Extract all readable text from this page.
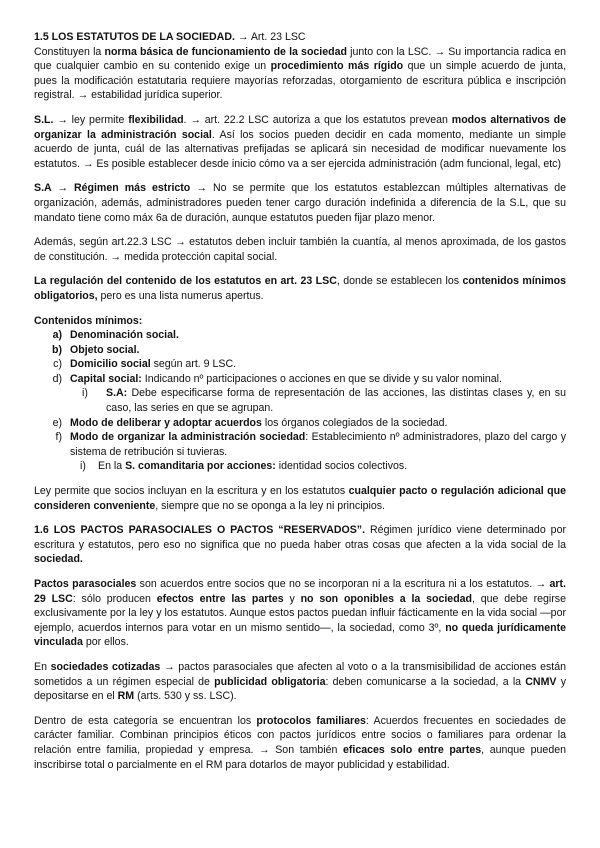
1.5 LOS ESTATUTOS DE LA SOCIEDAD. → Art. 23 LSC
Constituyen la norma básica de funcionamiento de la sociedad junto con la LSC. → Su importancia radica en que cualquier cambio en su contenido exige un procedimiento más rígido que un simple acuerdo de junta, pues la modificación estatutaria requiere mayorías reforzadas, otorgamiento de escritura pública e inscripción registral. → estabilidad jurídica superior.

S.L. → ley permite flexibilidad. → art. 22.2 LSC autoriza a que los estatutos prevean modos alternativos de organizar la administración social. Así los socios pueden decidir en cada momento, mediante un simple acuerdo de junta, cuál de las alternativas prefijadas se aplicará sin necesidad de modificar nuevamente los estatutos. → Es posible establecer desde inicio cómo va a ser ejercida administración (adm funcional, legal, etc)

S.A → Régimen más estricto → No se permite que los estatutos establezcan múltiples alternativas de organización, además, administradores pueden tener cargo duración indefinida a diferencia de la S.L, que su mandato tiene como máx 6a de duración, aunque estatutos pueden fijar plazo menor.

Además, según art.22.3 LSC → estatutos deben incluir también la cuantía, al menos aproximada, de los gastos de constitución. → medida protección capital social.

La regulación del contenido de los estatutos en art. 23 LSC, donde se establecen los contenidos mínimos obligatorios, pero es una lista numerus apertus.

Contenidos mínimos:
a) Denominación social.
b) Objeto social.
c) Domicilio social según art. 9 LSC.
d) Capital social: Indicando nº participaciones o acciones en que se divide y su valor nominal.
i)	S.A: Debe especificarse forma de representación de las acciones, las distintas clases y, en su caso, las series en que se agrupan.
e) Modo de deliberar y adoptar acuerdos los órganos colegiados de la sociedad.
f) Modo de organizar la administración sociedad: Establecimiento nº administradores, plazo del cargo y sistema de retribución si tuvieras.
i)	En la S. comanditaria por acciones: identidad socios colectivos.

Ley permite que socios incluyan en la escritura y en los estatutos cualquier pacto o regulación adicional que consideren conveniente, siempre que no se oponga a la ley ni principios.

1.6 LOS PACTOS PARASOCIALES O PACTOS “RESERVADOS”. Régimen jurídico viene determinado por escritura y estatutos, pero eso no significa que no pueda haber otras cosas que afecten a la vida social de la sociedad.

Pactos parasociales son acuerdos entre socios que no se incorporan ni a la escritura ni a los estatutos. → art. 29 LSC: sólo producen efectos entre las partes y no son oponibles a la sociedad, que debe regirse exclusivamente por la ley y los estatutos. Aunque estos pactos puedan influir fácticamente en la vida social —por ejemplo, acuerdos internos para votar en un mismo sentido—, la sociedad, como 3º, no queda jurídicamente vinculada por ellos.

En sociedades cotizadas → pactos parasociales que afecten al voto o a la transmisibilidad de acciones están sometidos a un régimen especial de publicidad obligatoria: deben comunicarse a la sociedad, a la CNMV y depositarse en el RM (arts. 530 y ss. LSC).

Dentro de esta categoría se encuentran los protocolos familiares: Acuerdos frecuentes en sociedades de carácter familiar. Combinan principios éticos con pactos jurídicos entre socios o familiares para ordenar la relación entre familia, propiedad y empresa. → Son también eficaces solo entre partes, aunque pueden inscribirse total o parcialmente en el RM para dotarlos de mayor publicidad y estabilidad.
